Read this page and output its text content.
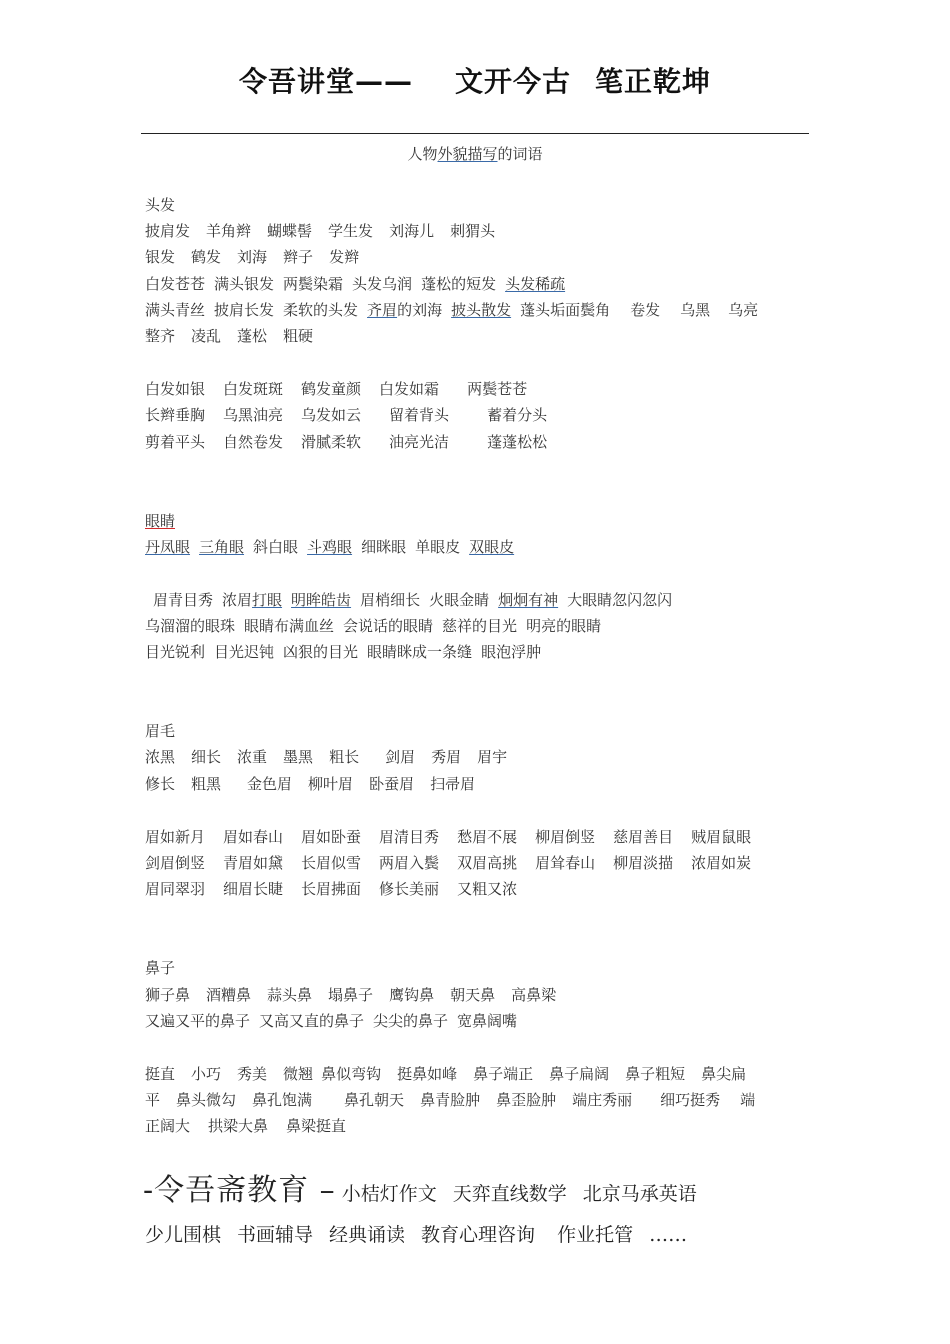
令吾讲堂—— 文开今古 笔正乾坤
人物外貌描写的词语
头发
披肩发 羊角辫 蝴蝶髻 学生发 刘海儿 刺猬头
银发 鹤发 刘海 辫子 发辫
白发苍苍 满头银发 两鬓染霜 头发乌润 蓬松的短发 头发稀疏
满头青丝 披肩长发 柔软的头发 齐眉的刘海 披头散发 蓬头垢面鬓角 卷发 乌黑 乌亮
整齐 凌乱 蓬松 粗硬
白发如银 白发斑斑 鹤发童颜 白发如霜 两鬓苍苍
长辫垂胸 乌黑油亮 乌发如云 留着背头	蓄着分头
剪着平头 自然卷发 滑腻柔软 油亮光洁	蓬蓬松松
眼睛
丹凤眼 三角眼 斜白眼 斗鸡眼 细眯眼 单眼皮 双眼皮
眉青目秀 浓眉打眼 明眸皓齿 眉梢细长 火眼金睛 炯炯有神 大眼睛忽闪忽闪
乌溜溜的眼珠 眼睛布满血丝 会说话的眼睛 慈祥的目光 明亮的眼睛
目光锐利 目光迟钝 凶狠的目光 眼睛眯成一条缝 眼泡浮肿
眉毛
浓黑 细长 浓重 墨黑 粗长 剑眉 秀眉 眉宇
修长 粗黑 金色眉 柳叶眉 卧蚕眉 扫帚眉
眉如新月 眉如春山 眉如卧蚕 眉清目秀 愁眉不展 柳眉倒竖 慈眉善目 贼眉鼠眼
剑眉倒竖 青眉如黛 长眉似雪 两眉入鬓 双眉高挑 眉耸春山 柳眉淡描 浓眉如炭
眉同翠羽 细眉长睫 长眉拂面 修长美丽 又粗又浓
鼻子
狮子鼻 酒糟鼻 蒜头鼻 塌鼻子 鹰钩鼻 朝天鼻 高鼻梁
又遍又平的鼻子 又高又直的鼻子 尖尖的鼻子 宽鼻阔嘴
挺直 小巧 秀美 微翘 鼻似弯钩 挺鼻如峰 鼻子端正 鼻子扁阔 鼻子粗短 鼻尖扁
平 鼻头微勾 鼻孔饱满 鼻孔朝天 鼻青脸肿 鼻歪脸肿 端庄秀丽 细巧挺秀 端
正阔大 拱梁大鼻 鼻梁挺直
-令吾斋教育 – 小桔灯作文 天弈直线数学 北京马承英语
少儿围棋 书画辅导 经典诵读 教育心理咨询 作业托管 ……
